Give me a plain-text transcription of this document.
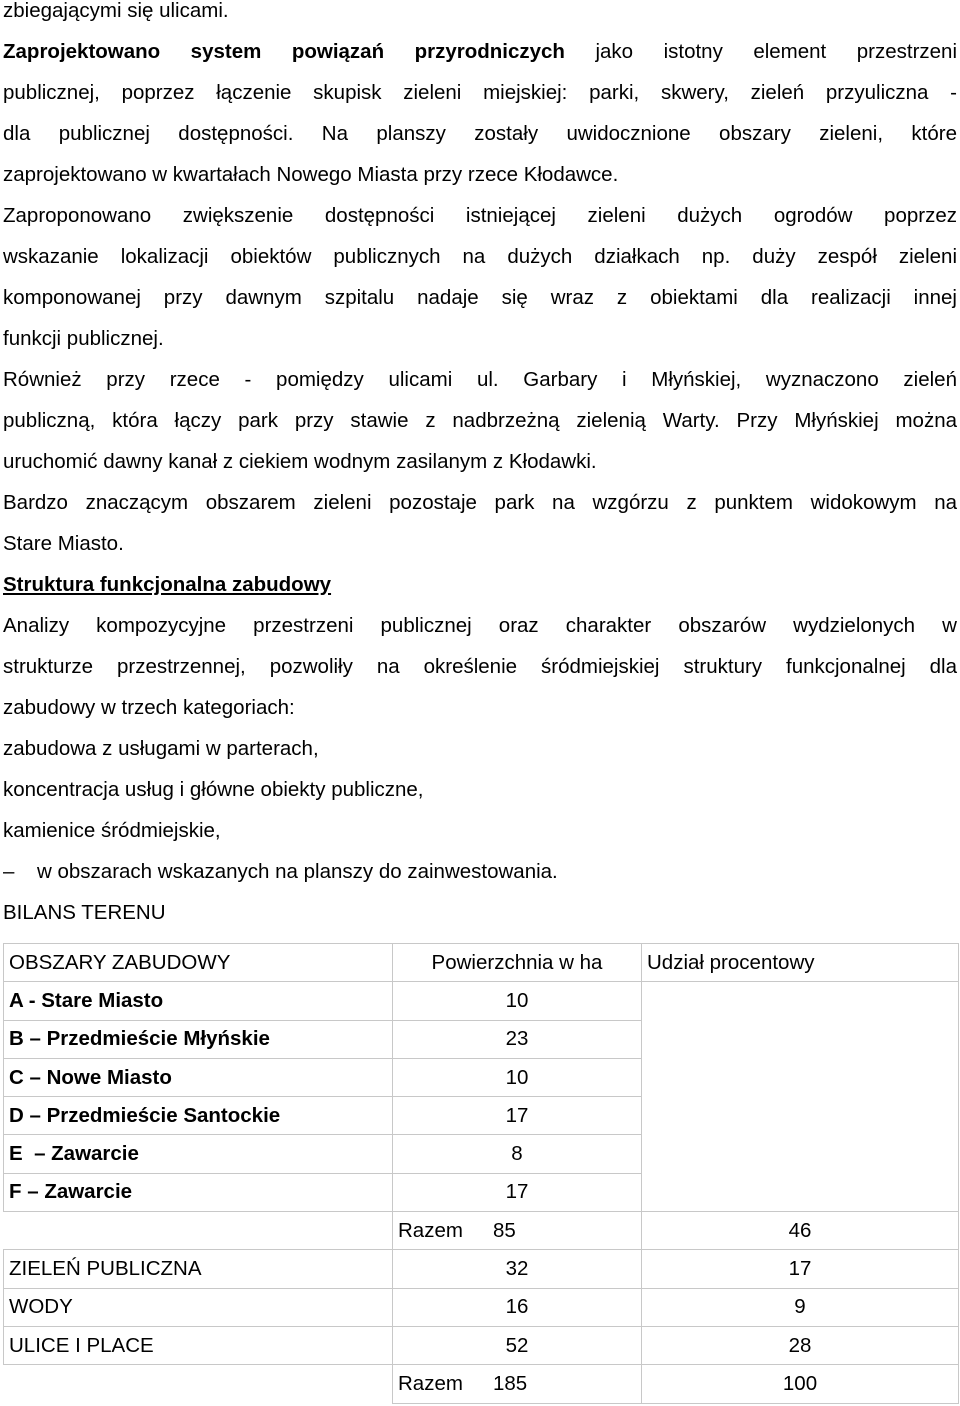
zbiegającymi się ulicami.
Zaprojektowano system powiązań przyrodniczych jako istotny element przestrzeni
publicznej, poprzez łączenie skupisk zieleni miejskiej: parki, skwery, zieleń przyuliczna -
dla publicznej dostępności. Na planszy zostały uwidocznione obszary zieleni, które
zaprojektowano w kwartałach Nowego Miasta przy rzece Kłodawce.
Zaproponowano zwiększenie dostępności istniejącej zieleni dużych ogrodów poprzez
wskazanie lokalizacji obiektów publicznych na dużych działkach np. duży zespół zieleni
komponowanej przy dawnym szpitalu nadaje się wraz z obiektami dla realizacji innej
funkcji publicznej.
Również przy rzece - pomiędzy ulicami ul. Garbary i Młyńskiej, wyznaczono zieleń
publiczną, która łączy park przy stawie z nadbrzeżną zielenią Warty. Przy Młyńskiej można
uruchomić dawny kanał z ciekiem wodnym zasilanym z Kłodawki.
Bardzo znaczącym obszarem zieleni pozostaje park na wzgórzu z punktem widokowym na
Stare Miasto.
Struktura funkcjonalna zabudowy
Analizy kompozycyjne przestrzeni publicznej oraz charakter obszarów wydzielonych w
strukturze przestrzennej, pozwoliły na określenie śródmiejskiej struktury funkcjonalnej dla
zabudowy w trzech kategoriach:
zabudowa z usługami w parterach,
koncentracja usług i główne obiekty publiczne,
kamienice śródmiejskie,
– w obszarach wskazanych na planszy do zainwestowania.
BILANS TERENU
OBSZARY ZABUDOWY	Powierzchnia w ha	Udział procentowy
A - Stare Miasto	10	
B – Przedmieście Młyńskie	23	
C – Nowe Miasto	10	
D – Przedmieście Santockie	17	
E  – Zawarcie	8	
F – Zawarcie	17	
	Razem 85	46
ZIELEŃ PUBLICZNA	32	17
WODY	16	9
ULICE I PLACE	52	28
	Razem 185	100
